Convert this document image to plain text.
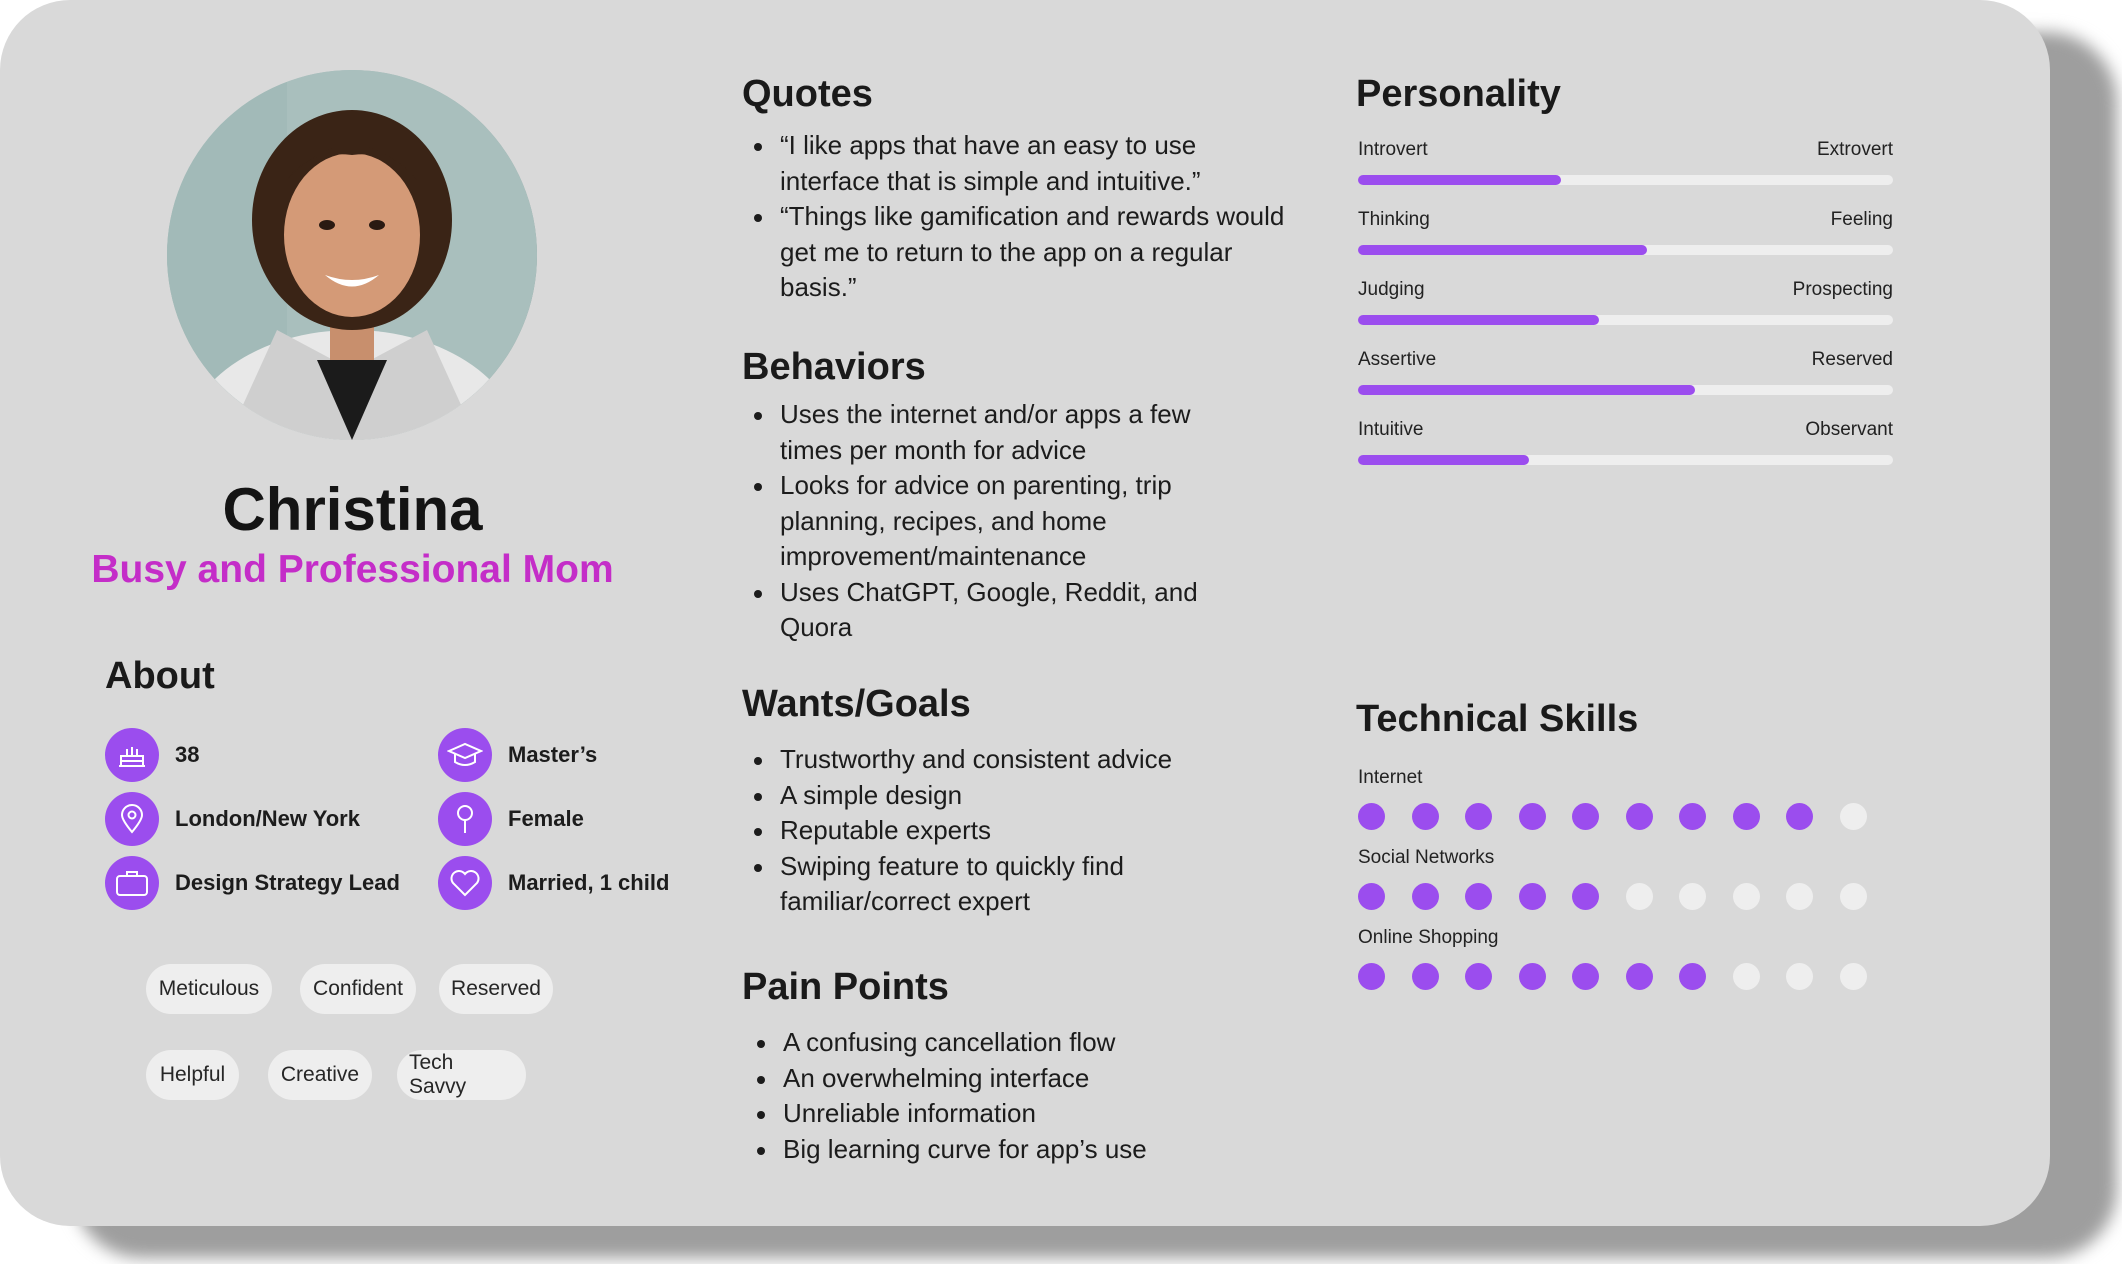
Christina
Busy and Professional Mom
About
38	Master’s
London/New York	Female
Design Strategy Lead	Married, 1 child
Meticulous	Confident	Reserved
Helpful	Creative
Tech Savvy
Quotes
“I like apps that have an easy to use interface that is simple and intuitive.”
“Things like gamification and rewards would get me to return to the app on a regular basis.”
Behaviors
Uses the internet and/or apps a few times per month for advice
Looks for advice on parenting, trip planning, recipes, and home improvement/maintenance
Uses ChatGPT, Google, Reddit, and Quora
Wants/Goals
Trustworthy and consistent advice
A simple design
Reputable experts
Swiping feature to quickly find familiar/correct expert
Pain Points
A confusing cancellation flow
An overwhelming interface
Unreliable information
Big learning curve for app’s use
Personality
Introvert	Extrovert
Thinking	Feeling
Judging	Prospecting
Assertive	Reserved
Intuitive	Observant
Technical Skills
Internet
Social Networks
Online Shopping
